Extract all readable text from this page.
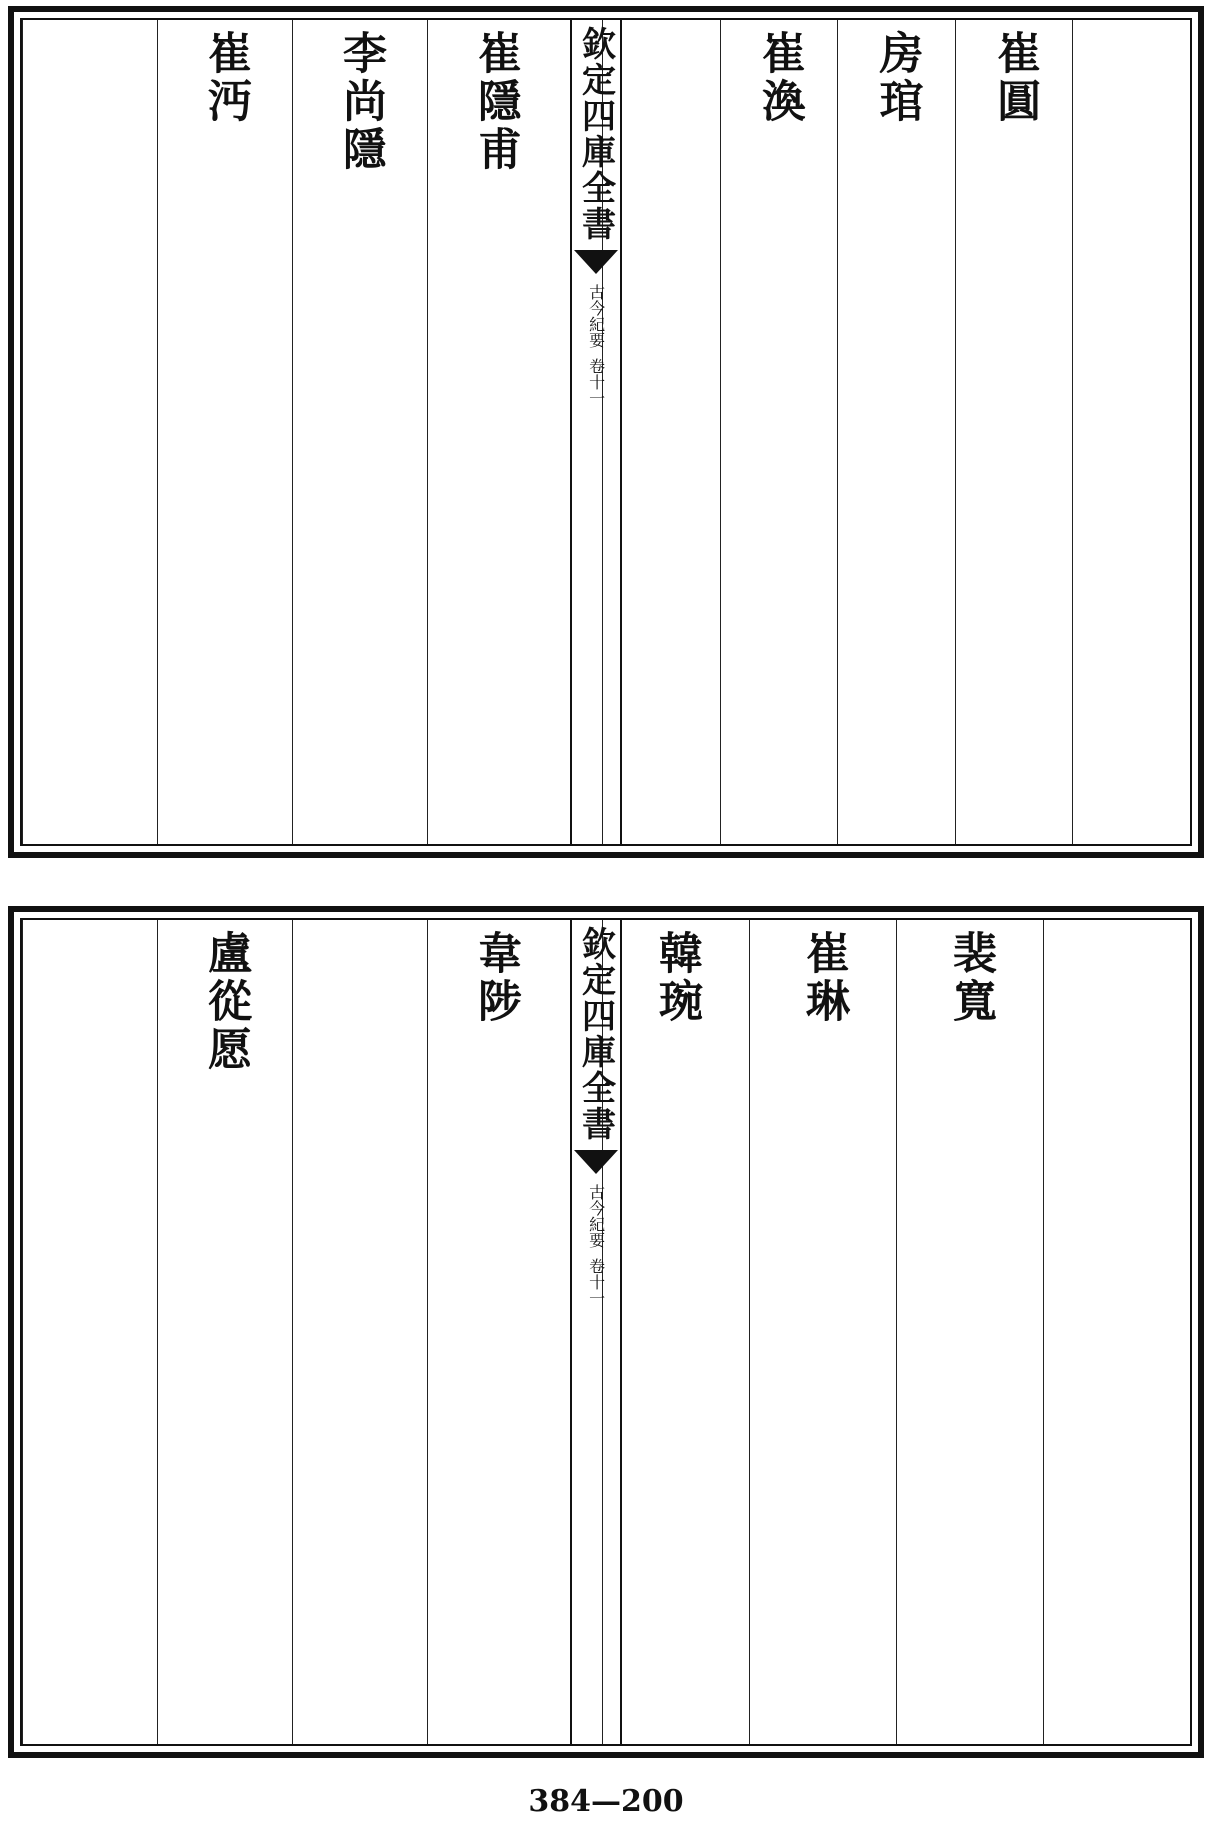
崔圓
房琯
崔渙
欽定四庫全書
古今紀要
卷十一
崔隱甫
李尚隱
崔沔
裴寬
崔琳
韓琬
欽定四庫全書
古今紀要
卷十一
韋陟
盧從愿
384—200
